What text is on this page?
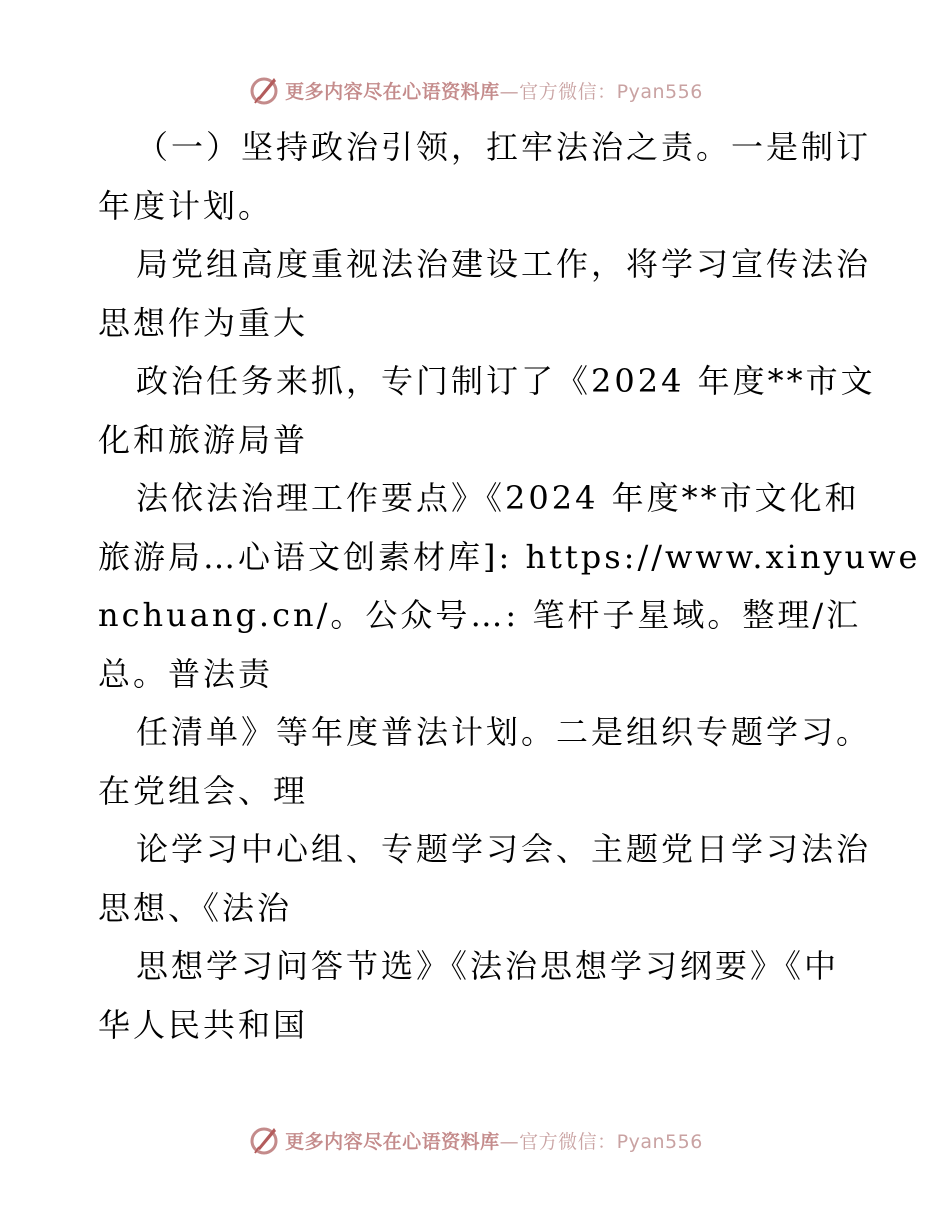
更多内容尽在心语资料库—官方微信：Pyan556
（一）坚持政治引领，扛牢法治之责。一是制订
年度计划。
局党组高度重视法治建设工作，将学习宣传法治
思想作为重大
政治任务来抓，专门制订了《2024 年度**市文
化和旅游局普
法依法治理工作要点》《2024 年度**市文化和
旅游局…心语文创素材库]: https://www.xinyuwe
nchuang.cn/。公众号…: 笔杆子星域。整理/汇
总。普法责
任清单》等年度普法计划。二是组织专题学习。
在党组会、理
论学习中心组、专题学习会、主题党日学习法治
思想、《法治
思想学习问答节选》《法治思想学习纲要》《中
华人民共和国
更多内容尽在心语资料库—官方微信：Pyan556
